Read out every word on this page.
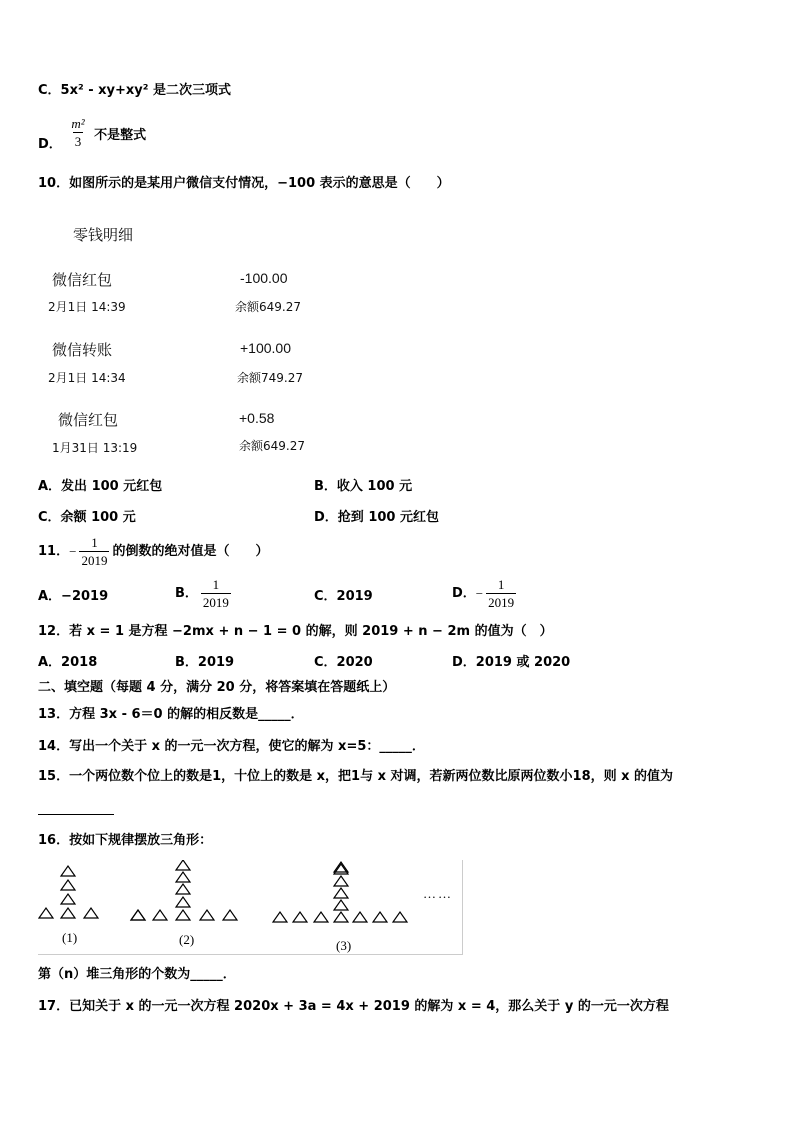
C．5x² - xy+xy² 是二次三项式
D． $\frac{\text{m²}}{3}$ 不是整式
10．如图所示的是某用户微信支付情况，−100 表示的意思是（　　）
零钱明细
微信红包	-100.00
2月1日 14:39	余额649.27
微信转账	+100.00
2月1日 14:34	余额749.27
微信红包	+0.58
1月31日 13:19	余额649.27
A．发出 100 元红包	B．收入 100 元
C．余额 100 元	D．抢到 100 元红包
11．− $\frac{1}{2019}$ 的倒数的绝对值是（　　）
A．−2019	B． $\frac{1}{2019}$	C．2019	D．− $\frac{1}{2019}$
12．若 x = 1 是方程 −2mx + n − 1 = 0 的解，则 2019 + n − 2m 的值为（　）
A．2018	B．2019	C．2020	D．2019 或 2020
二、填空题（每题 4 分，满分 20 分，将答案填在答题纸上）
13．方程 3x - 6＝0 的解的相反数是_____．
14．写出一个关于 x 的一元一次方程，使它的解为 x=5：_____．
15．一个两位数个位上的数是1，十位上的数是 x，把1与 x 对调，若新两位数比原两位数小18，则 x 的值为
16．按如下规律摆放三角形：
(1)	(2)	(3)
……
第（n）堆三角形的个数为_____．
17．已知关于 x 的一元一次方程 2020x + 3a = 4x + 2019 的解为 x = 4，那么关于 y 的一元一次方程
